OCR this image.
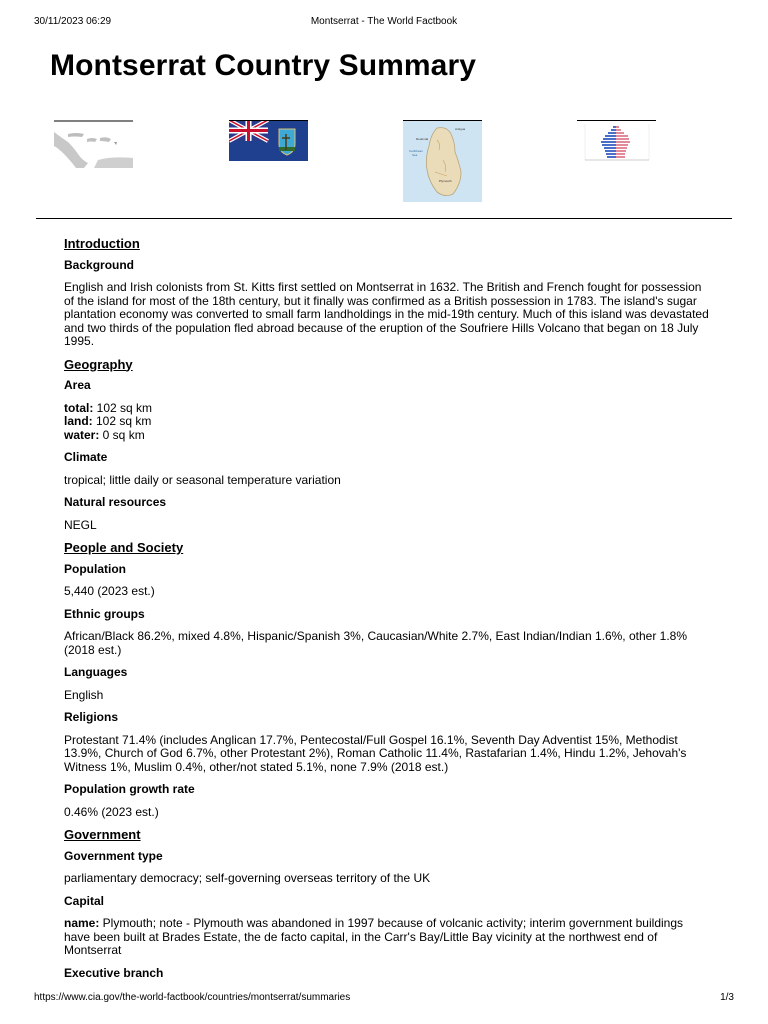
30/11/2023 06:29	Montserrat - The World Factbook
Montserrat Country Summary
Redonda
Caribbean
Sea
Antigua
Plymouth
Introduction
Background
English and Irish colonists from St. Kitts first settled on Montserrat in 1632. The British and French fought for possession of the island for most of the 18th century, but it finally was confirmed as a British possession in 1783. The island's sugar plantation economy was converted to small farm landholdings in the mid-19th century. Much of this island was devastated and two thirds of the population fled abroad because of the eruption of the Soufriere Hills Volcano that began on 18 July 1995.
Geography
Area
total: 102 sq km
land: 102 sq km
water: 0 sq km
Climate
tropical; little daily or seasonal temperature variation
Natural resources
NEGL
People and Society
Population
5,440 (2023 est.)
Ethnic groups
African/Black 86.2%, mixed 4.8%, Hispanic/Spanish 3%, Caucasian/White 2.7%, East Indian/Indian 1.6%, other 1.8% (2018 est.)
Languages
English
Religions
Protestant 71.4% (includes Anglican 17.7%, Pentecostal/Full Gospel 16.1%, Seventh Day Adventist 15%, Methodist 13.9%, Church of God 6.7%, other Protestant 2%), Roman Catholic 11.4%, Rastafarian 1.4%, Hindu 1.2%, Jehovah's Witness 1%, Muslim 0.4%, other/not stated 5.1%, none 7.9% (2018 est.)
Population growth rate
0.46% (2023 est.)
Government
Government type
parliamentary democracy; self-governing overseas territory of the UK
Capital
name: Plymouth; note - Plymouth was abandoned in 1997 because of volcanic activity; interim government buildings have been built at Brades Estate, the de facto capital, in the Carr's Bay/Little Bay vicinity at the northwest end of Montserrat
Executive branch
https://www.cia.gov/the-world-factbook/countries/montserrat/summaries	1/3
